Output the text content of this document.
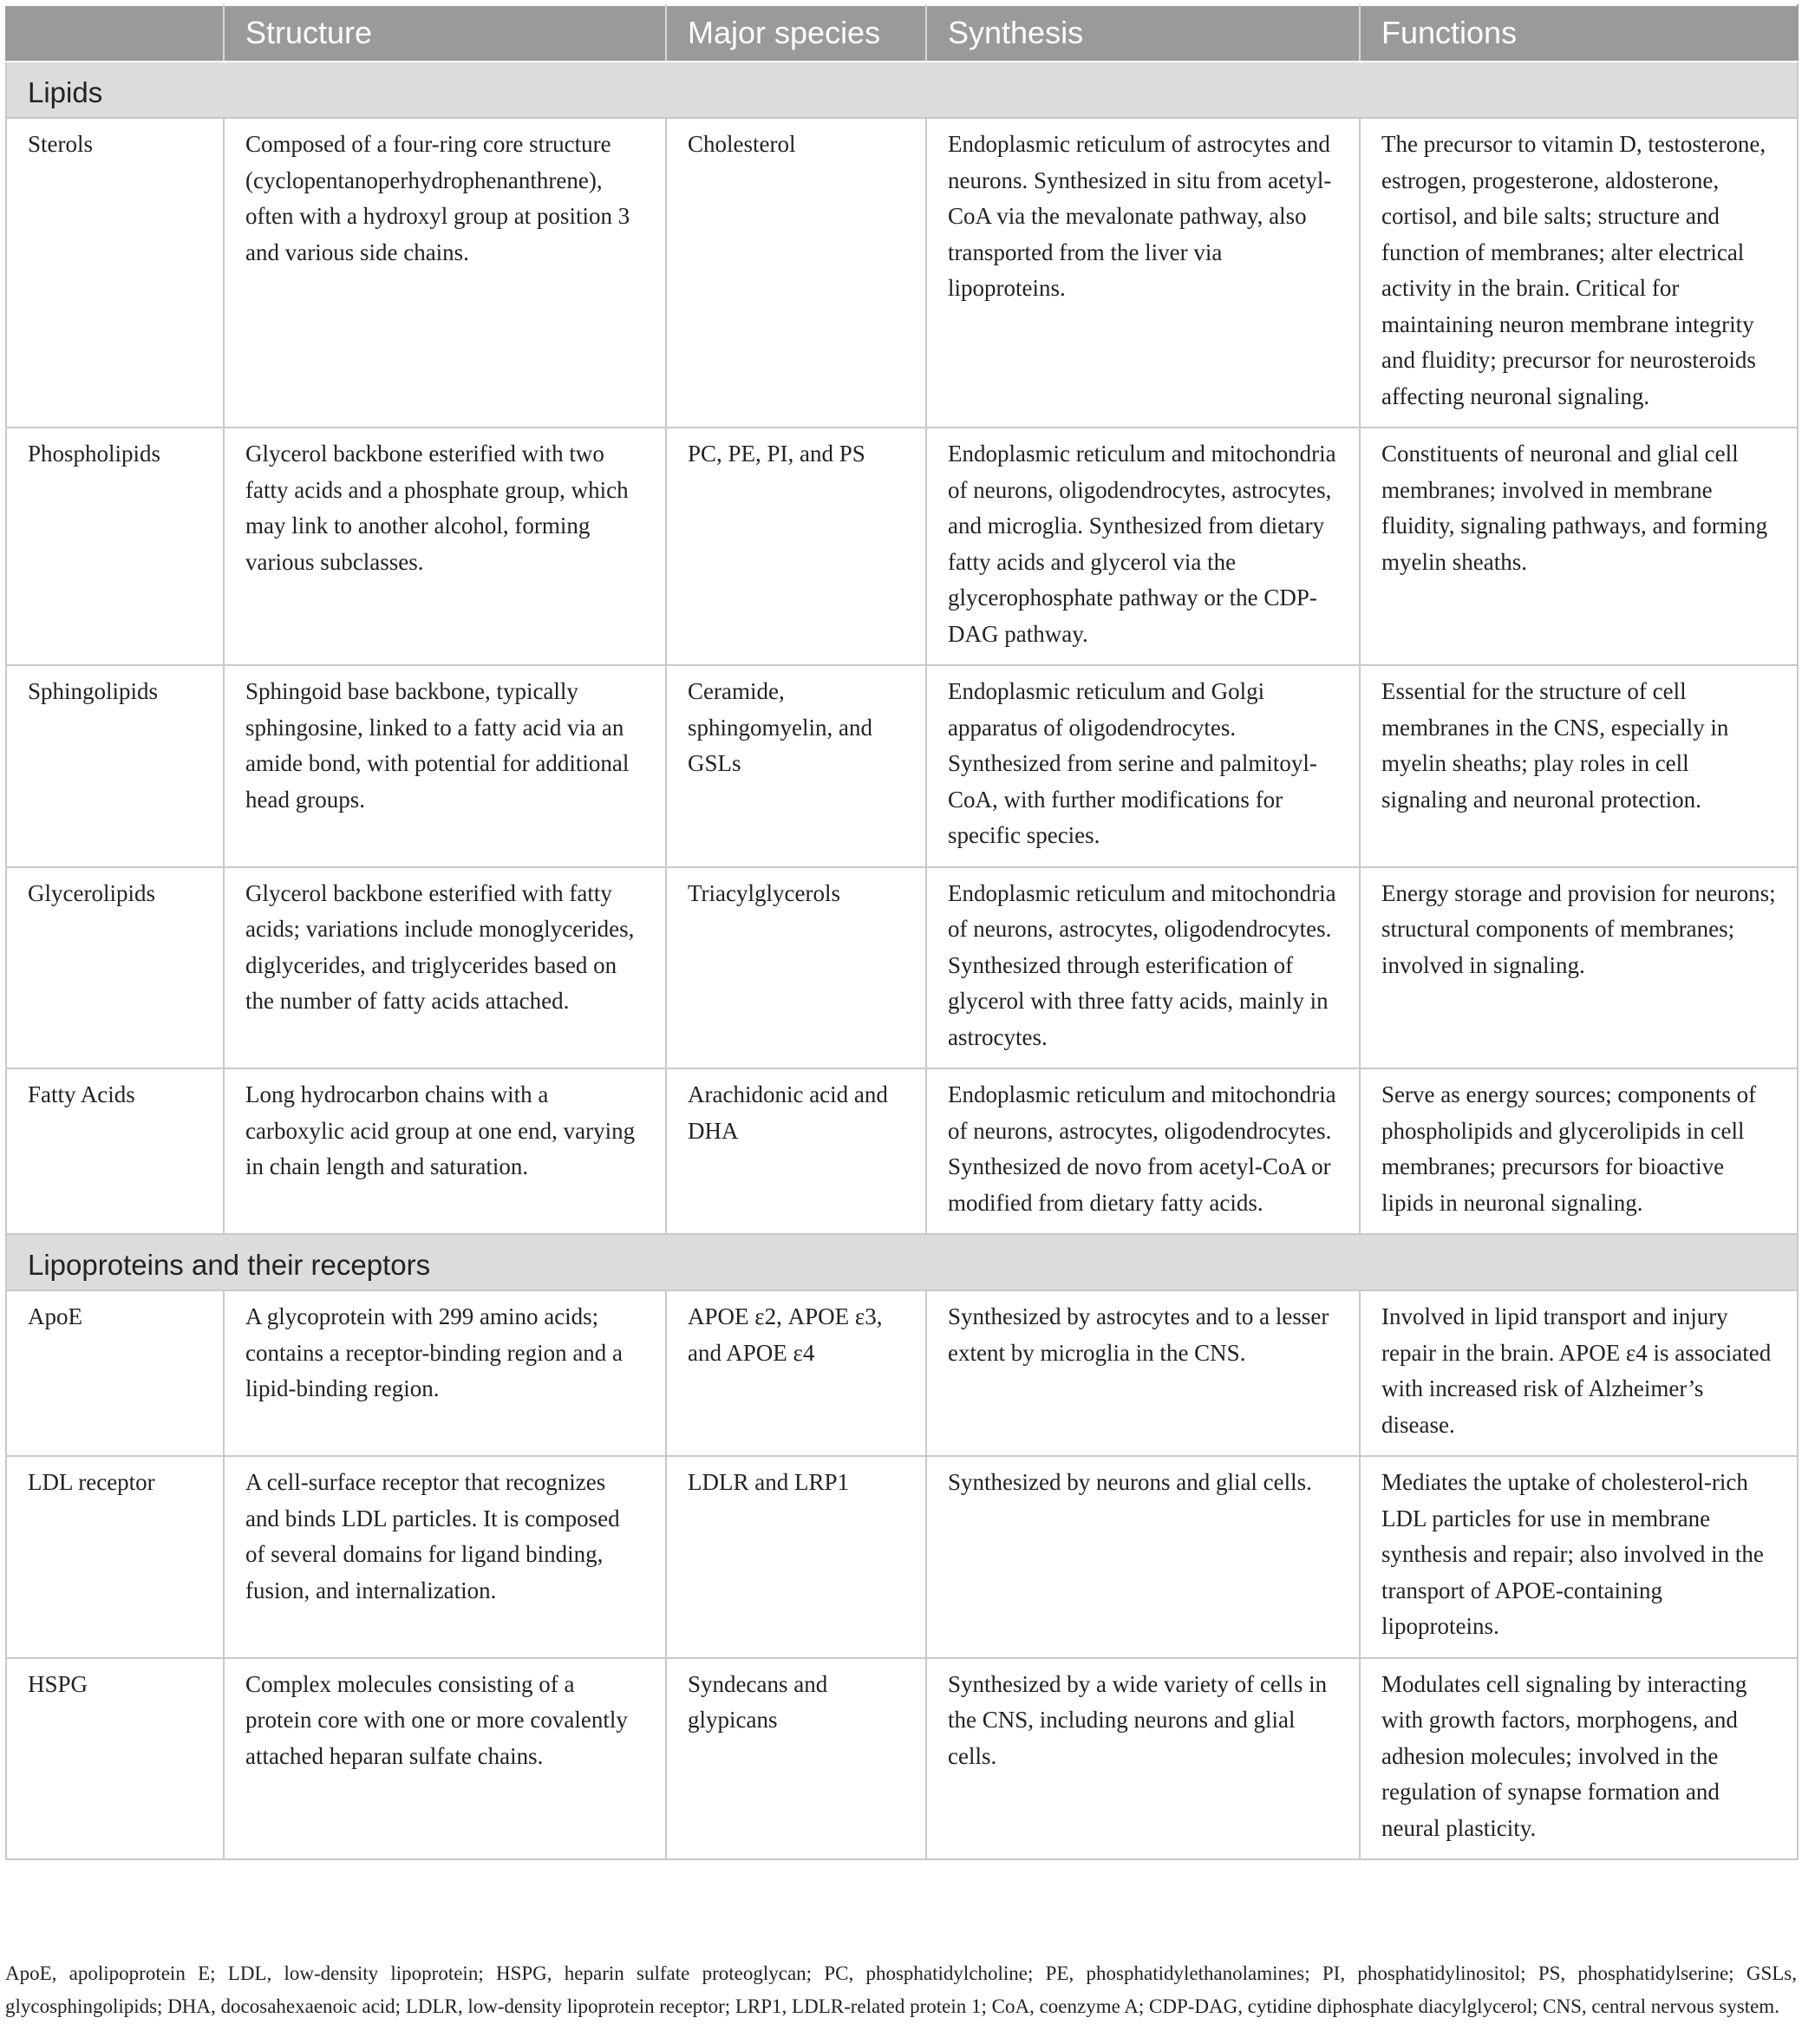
	Structure	Major species	Synthesis	Functions
Lipids				
Sterols	Composed of a four-ring core structure (cyclopentanoperhydrophenanthrene), often with a hydroxyl group at position 3 and various side chains.	Cholesterol	Endoplasmic reticulum of astrocytes and neurons. Synthesized in situ from acetyl-CoA via the mevalonate pathway, also transported from the liver via lipoproteins.	The precursor to vitamin D, testosterone, estrogen, progesterone, aldosterone, cortisol, and bile salts; structure and function of membranes; alter electrical activity in the brain. Critical for maintaining neuron membrane integrity and fluidity; precursor for neurosteroids affecting neuronal signaling.
Phospholipids	Glycerol backbone esterified with two fatty acids and a phosphate group, which may link to another alcohol, forming various subclasses.	PC, PE, PI, and PS	Endoplasmic reticulum and mitochondria of neurons, oligodendrocytes, astrocytes, and microglia. Synthesized from dietary fatty acids and glycerol via the glycerophosphate pathway or the CDP-DAG pathway.	Constituents of neuronal and glial cell membranes; involved in membrane fluidity, signaling pathways, and forming myelin sheaths.
Sphingolipids	Sphingoid base backbone, typically sphingosine, linked to a fatty acid via an amide bond, with potential for additional head groups.	Ceramide, sphingomyelin, and GSLs	Endoplasmic reticulum and Golgi apparatus of oligodendrocytes. Synthesized from serine and palmitoyl-CoA, with further modifications for specific species.	Essential for the structure of cell membranes in the CNS, especially in myelin sheaths; play roles in cell signaling and neuronal protection.
Glycerolipids	Glycerol backbone esterified with fatty acids; variations include monoglycerides, diglycerides, and triglycerides based on the number of fatty acids attached.	Triacylglycerols	Endoplasmic reticulum and mitochondria of neurons, astrocytes, oligodendrocytes. Synthesized through esterification of glycerol with three fatty acids, mainly in astrocytes.	Energy storage and provision for neurons; structural components of membranes; involved in signaling.
Fatty Acids	Long hydrocarbon chains with a carboxylic acid group at one end, varying in chain length and saturation.	Arachidonic acid and DHA	Endoplasmic reticulum and mitochondria of neurons, astrocytes, oligodendrocytes. Synthesized de novo from acetyl-CoA or modified from dietary fatty acids.	Serve as energy sources; components of phospholipids and glycerolipids in cell membranes; precursors for bioactive lipids in neuronal signaling.
Lipoproteins and their receptors				
ApoE	A glycoprotein with 299 amino acids; contains a receptor-binding region and a lipid-binding region.	APOE ε2, APOE ε3, and APOE ε4	Synthesized by astrocytes and to a lesser extent by microglia in the CNS.	Involved in lipid transport and injury repair in the brain. APOE ε4 is associated with increased risk of Alzheimer’s disease.
LDL receptor	A cell-surface receptor that recognizes and binds LDL particles. It is composed of several domains for ligand binding, fusion, and internalization.	LDLR and LRP1	Synthesized by neurons and glial cells.	Mediates the uptake of cholesterol-rich LDL particles for use in membrane synthesis and repair; also involved in the transport of APOE-containing lipoproteins.
HSPG	Complex molecules consisting of a protein core with one or more covalently attached heparan sulfate chains.	Syndecans and glypicans	Synthesized by a wide variety of cells in the CNS, including neurons and glial cells.	Modulates cell signaling by interacting with growth factors, morphogens, and adhesion molecules; involved in the regulation of synapse formation and neural plasticity.

ApoE, apolipoprotein E; LDL, low-density lipoprotein; HSPG, heparin sulfate proteoglycan; PC, phosphatidylcholine; PE, phosphatidylethanolamines; PI, phosphatidylinositol; PS, phosphatidylserine; GSLs, glycosphingolipids; DHA, docosahexaenoic acid; LDLR, low-density lipoprotein receptor; LRP1, LDLR-related protein 1; CoA, coenzyme A; CDP-DAG, cytidine diphosphate diacylglycerol; CNS, central nervous system.
